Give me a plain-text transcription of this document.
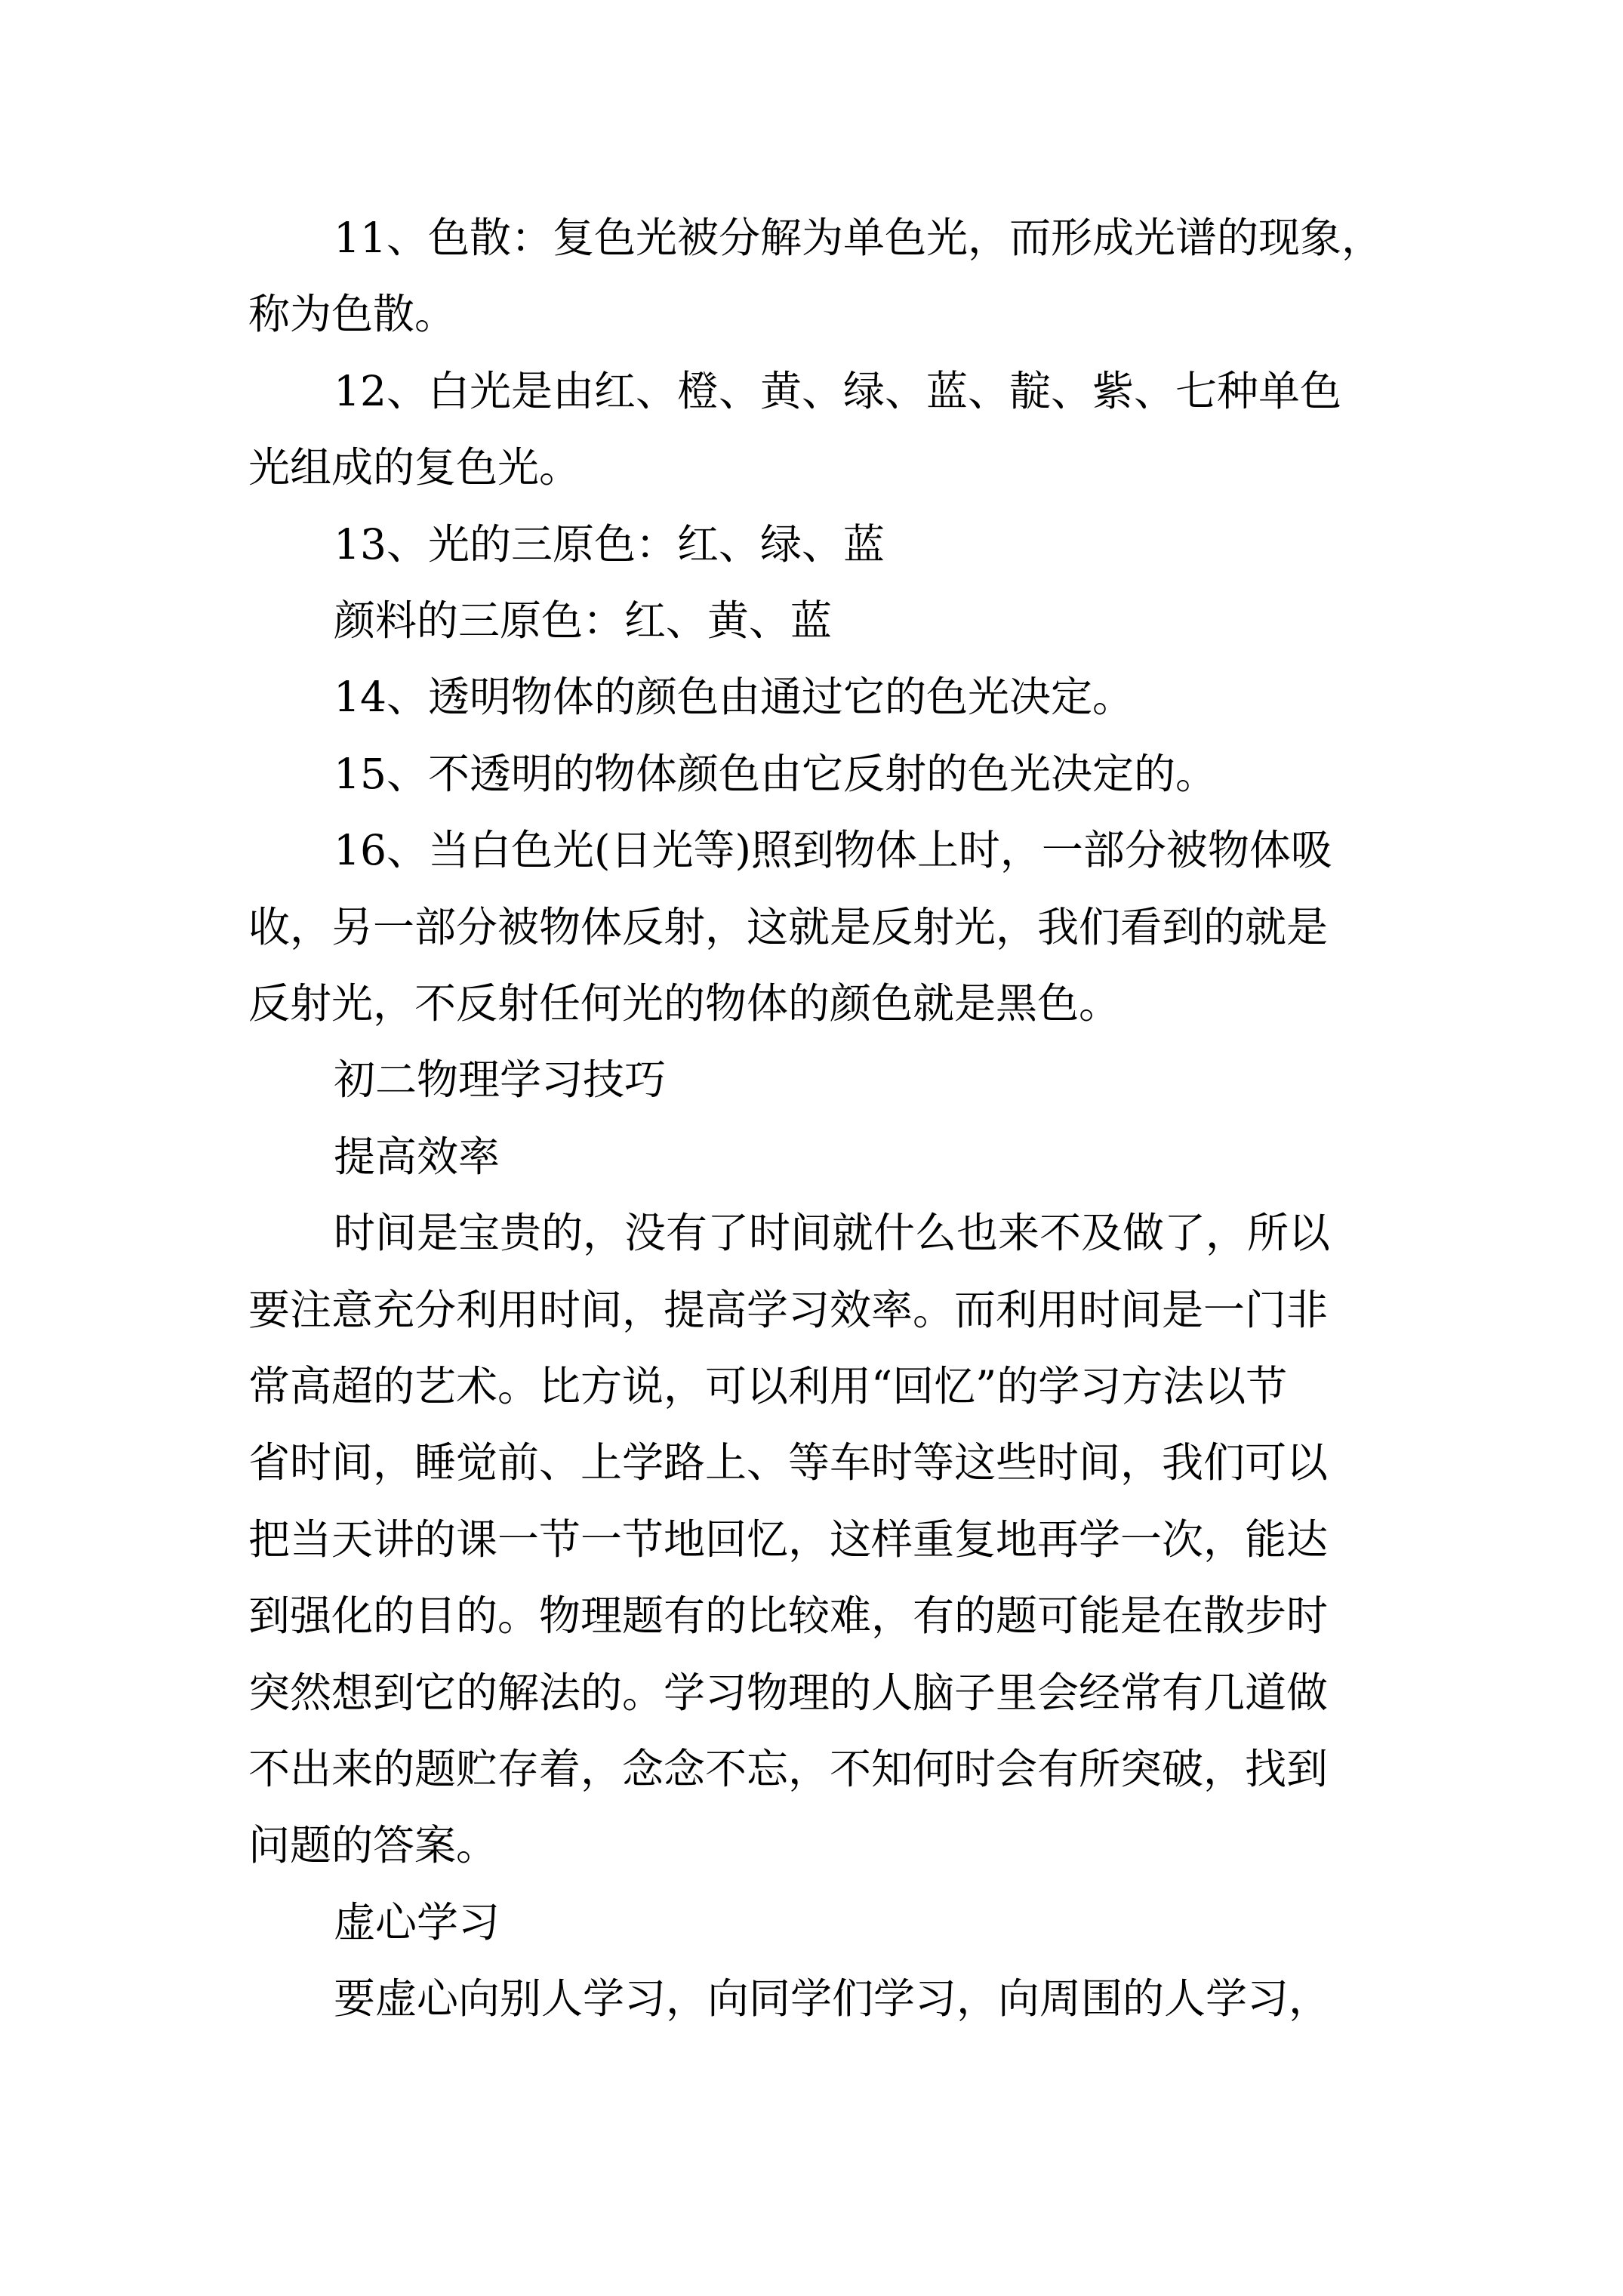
11、色散：复色光被分解为单色光，而形成光谱的现象，

称为色散。

12、白光是由红、橙、黄、绿、蓝、靛、紫、七种单色

光组成的复色光。

13、光的三原色：红、绿、蓝

颜料的三原色：红、黄、蓝

14、透明物体的颜色由通过它的色光决定。

15、不透明的物体颜色由它反射的色光决定的。

16、当白色光(日光等)照到物体上时，一部分被物体吸

收，另一部分被物体反射，这就是反射光，我们看到的就是

反射光，不反射任何光的物体的颜色就是黑色。

初二物理学习技巧

提高效率

时间是宝贵的，没有了时间就什么也来不及做了，所以

要注意充分利用时间，提高学习效率。而利用时间是一门非

常高超的艺术。比方说，可以利用“回忆”的学习方法以节

省时间，睡觉前、上学路上、等车时等这些时间，我们可以

把当天讲的课一节一节地回忆，这样重复地再学一次，能达

到强化的目的。物理题有的比较难，有的题可能是在散步时

突然想到它的解法的。学习物理的人脑子里会经常有几道做

不出来的题贮存着，念念不忘，不知何时会有所突破，找到

问题的答案。

虚心学习

要虚心向别人学习，向同学们学习，向周围的人学习，
